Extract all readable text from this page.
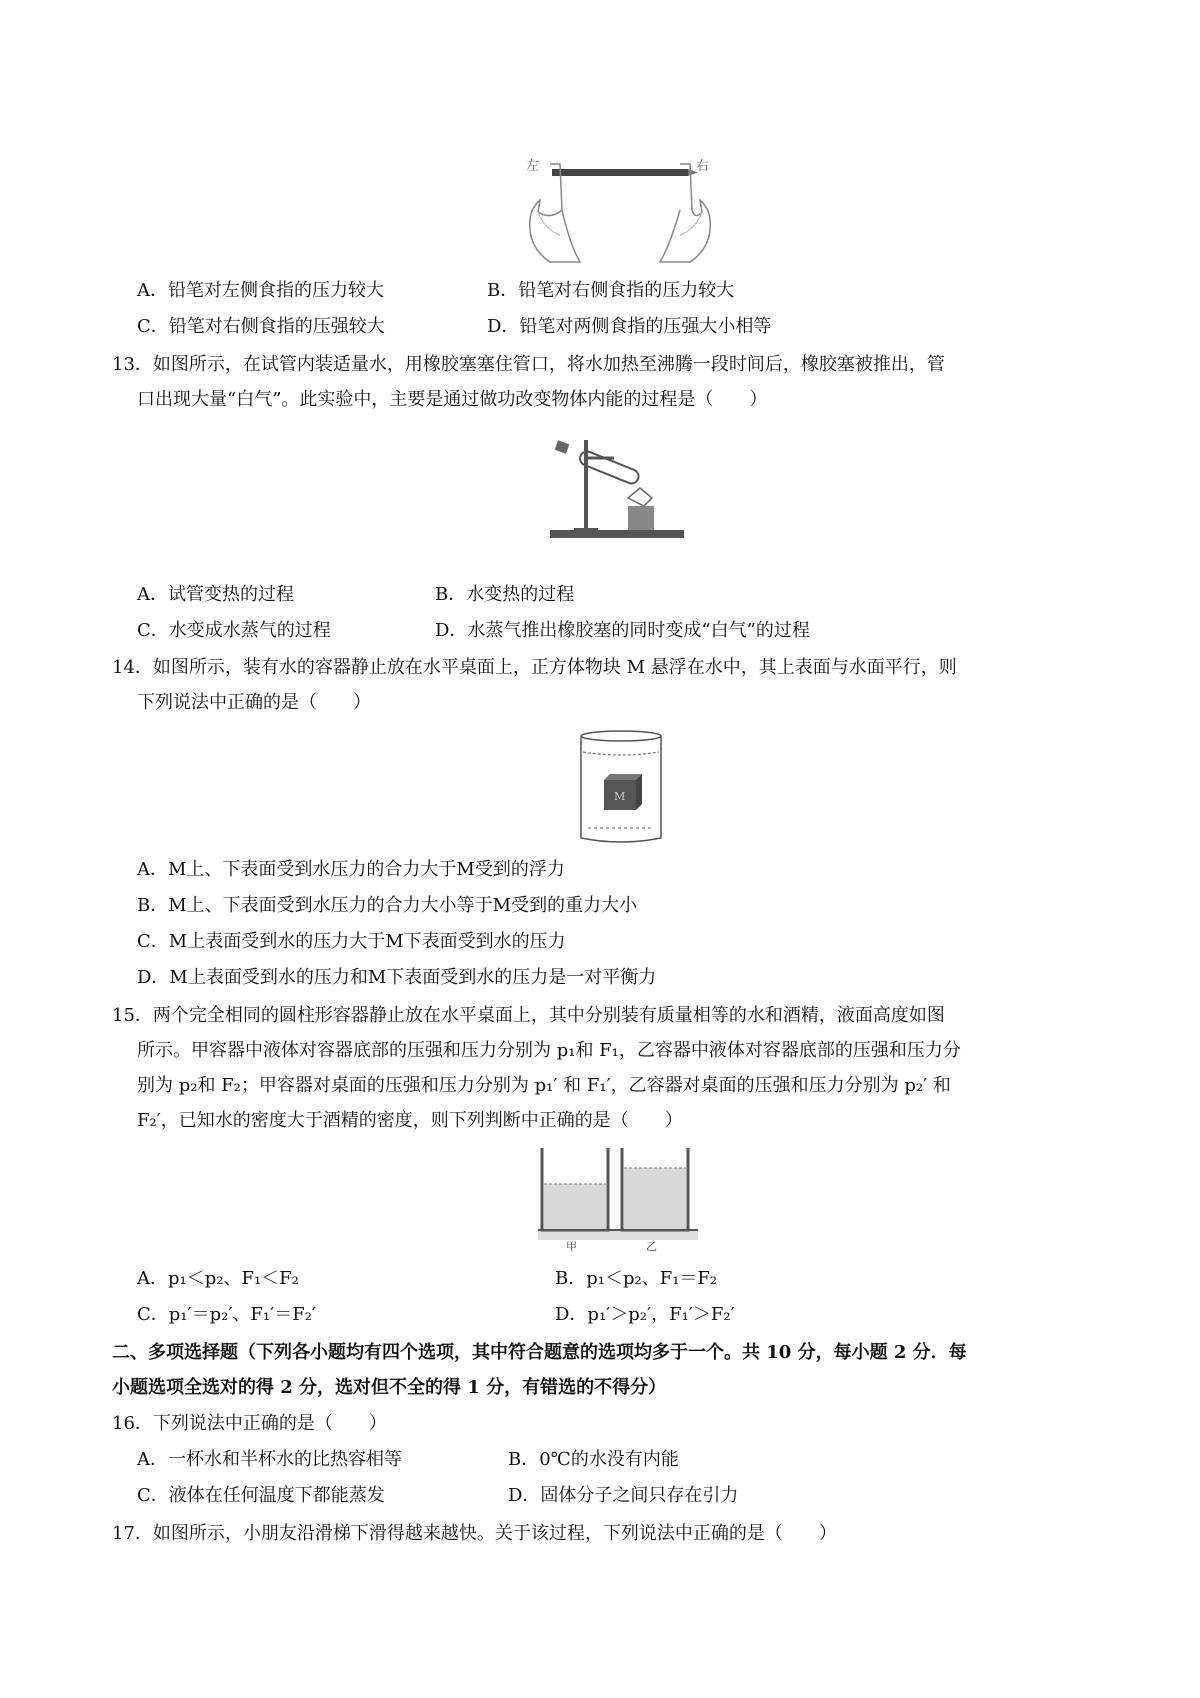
左	右
A．铅笔对左侧食指的压力较大	B．铅笔对右侧食指的压力较大
C．铅笔对右侧食指的压强较大	D．铅笔对两侧食指的压强大小相等
13．如图所示，在试管内装适量水，用橡胶塞塞住管口，将水加热至沸腾一段时间后，橡胶塞被推出，管
口出现大量“白气”。此实验中，主要是通过做功改变物体内能的过程是（　　）
A．试管变热的过程	B．水变热的过程
C．水变成水蒸气的过程	D．水蒸气推出橡胶塞的同时变成“白气”的过程
14．如图所示，装有水的容器静止放在水平桌面上，正方体物块 M 悬浮在水中，其上表面与水面平行，则
下列说法中正确的是（　　）
M
A．M上、下表面受到水压力的合力大于M受到的浮力
B．M上、下表面受到水压力的合力大小等于M受到的重力大小
C．M上表面受到水的压力大于M下表面受到水的压力
D．M上表面受到水的压力和M下表面受到水的压力是一对平衡力
15．两个完全相同的圆柱形容器静止放在水平桌面上，其中分别装有质量相等的水和酒精，液面高度如图
所示。甲容器中液体对容器底部的压强和压力分别为 p₁和 F₁，乙容器中液体对容器底部的压强和压力分
别为 p₂和 F₂；甲容器对桌面的压强和压力分别为 p₁′ 和 F₁′，乙容器对桌面的压强和压力分别为 p₂′ 和
F₂′，已知水的密度大于酒精的密度，则下列判断中正确的是（　　）
甲	乙
A．p₁＜p₂、F₁＜F₂	B．p₁＜p₂、F₁＝F₂
C．p₁′＝p₂′、F₁′＝F₂′	D．p₁′＞p₂′，F₁′＞F₂′
二、多项选择题（下列各小题均有四个选项，其中符合题意的选项均多于一个。共 10 分，每小题 2 分．每
小题选项全选对的得 2 分，选对但不全的得 1 分，有错选的不得分）
16．下列说法中正确的是（　　）
A．一杯水和半杯水的比热容相等	B．0℃的水没有内能
C．液体在任何温度下都能蒸发	D．固体分子之间只存在引力
17．如图所示，小朋友沿滑梯下滑得越来越快。关于该过程，下列说法中正确的是（　　）
